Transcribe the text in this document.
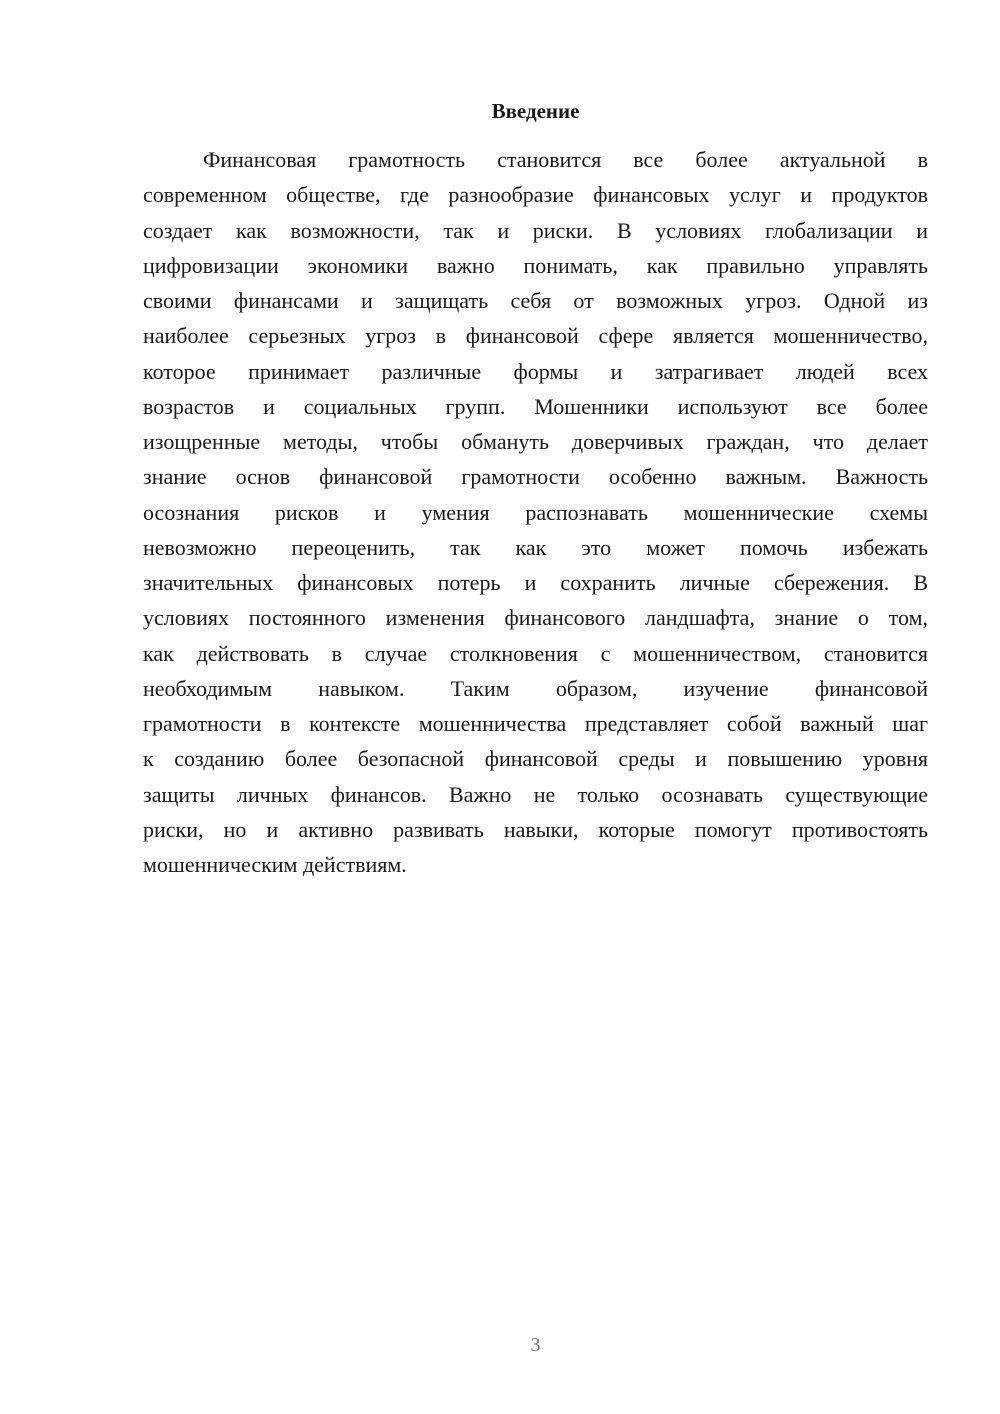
Введение
Финансовая грамотность становится все более актуальной в
современном обществе, где разнообразие финансовых услуг и продуктов
создает как возможности, так и риски. В условиях глобализации и
цифровизации экономики важно понимать, как правильно управлять
своими финансами и защищать себя от возможных угроз. Одной из
наиболее серьезных угроз в финансовой сфере является мошенничество,
которое принимает различные формы и затрагивает людей всех
возрастов и социальных групп. Мошенники используют все более
изощренные методы, чтобы обмануть доверчивых граждан, что делает
знание основ финансовой грамотности особенно важным. Важность
осознания рисков и умения распознавать мошеннические схемы
невозможно переоценить, так как это может помочь избежать
значительных финансовых потерь и сохранить личные сбережения. В
условиях постоянного изменения финансового ландшафта, знание о том,
как действовать в случае столкновения с мошенничеством, становится
необходимым навыком. Таким образом, изучение финансовой
грамотности в контексте мошенничества представляет собой важный шаг
к созданию более безопасной финансовой среды и повышению уровня
защиты личных финансов. Важно не только осознавать существующие
риски, но и активно развивать навыки, которые помогут противостоять
мошенническим действиям.
3
